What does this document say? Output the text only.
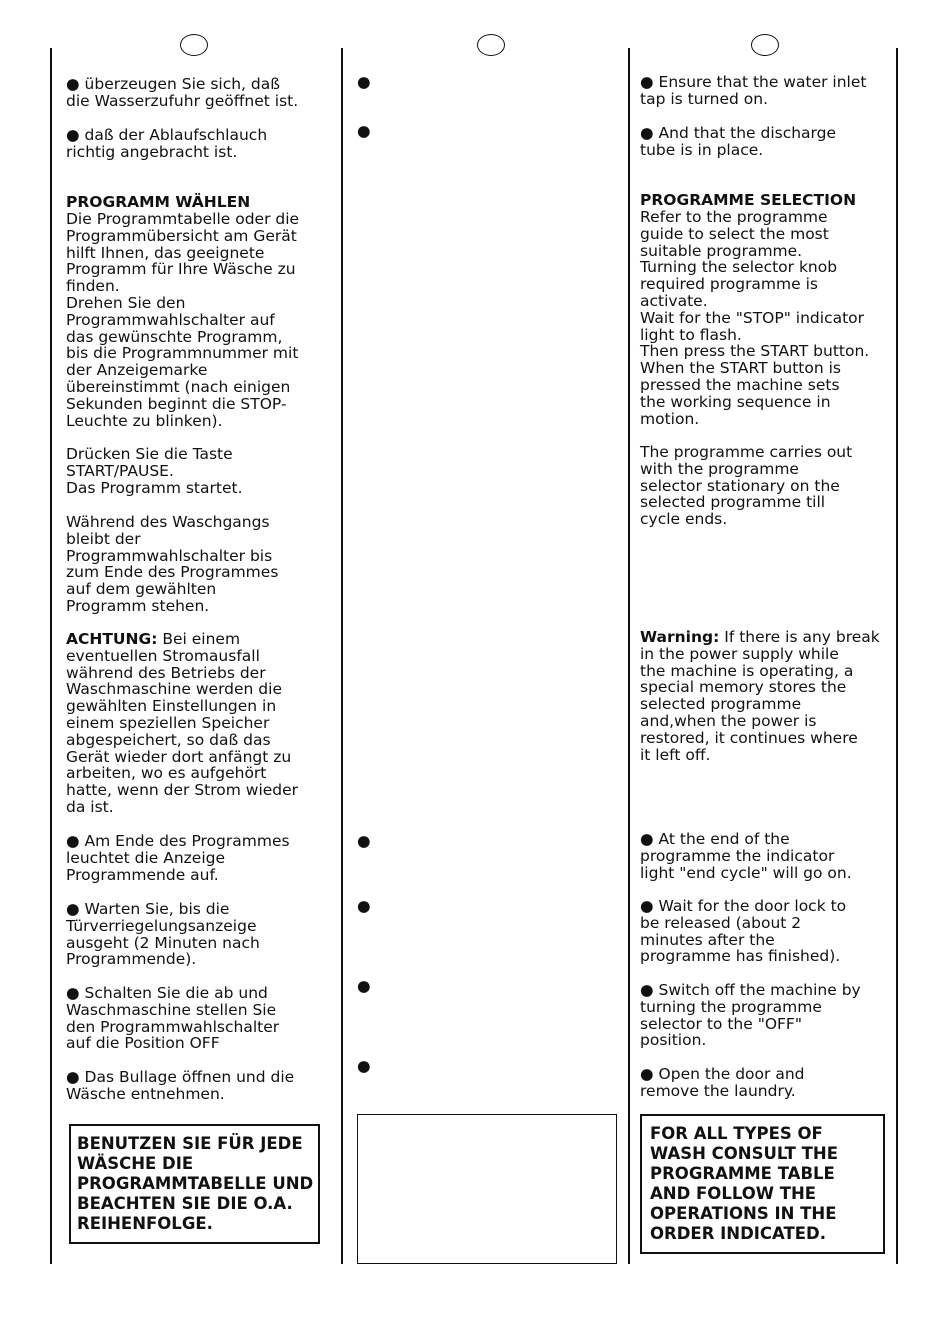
● überzeugen Sie sich, daß
die Wasserzufuhr geöffnet ist.
● daß der Ablaufschlauch
richtig angebracht ist.
PROGRAMM WÄHLEN
Die Programmtabelle oder die
Programmübersicht am Gerät
hilft Ihnen, das geeignete
Programm für Ihre Wäsche zu
finden.
Drehen Sie den
Programmwahlschalter auf
das gewünschte Programm,
bis die Programmnummer mit
der Anzeigemarke
übereinstimmt (nach einigen
Sekunden beginnt die STOP-
Leuchte zu blinken).
Drücken Sie die Taste
START/PAUSE.
Das Programm startet.
Während des Waschgangs
bleibt der
Programmwahlschalter bis
zum Ende des Programmes
auf dem gewählten
Programm stehen.
ACHTUNG: Bei einem
eventuellen Stromausfall
während des Betriebs der
Waschmaschine werden die
gewählten Einstellungen in
einem speziellen Speicher
abgespeichert, so daß das
Gerät wieder dort anfängt zu
arbeiten, wo es aufgehört
hatte, wenn der Strom wieder
da ist.
● Am Ende des Programmes
leuchtet die Anzeige
Programmende auf.
● Warten Sie, bis die
Türverriegelungsanzeige
ausgeht (2 Minuten nach
Programmende).
● Schalten Sie die ab und
Waschmaschine stellen Sie
den Programmwahlschalter
auf die Position OFF
● Das Bullage öffnen und die
Wäsche entnehmen.
BENUTZEN SIE FÜR JEDE
WÄSCHE DIE
PROGRAMMTABELLE UND
BEACHTEN SIE DIE O.A.
REIHENFOLGE.
●
●
●
●
●
●
● Ensure that the water inlet
tap is turned on.
● And that the discharge
tube is in place.
PROGRAMME SELECTION
Refer to the programme
guide to select the most
suitable programme.
Turning the selector knob
required programme is
activate.
Wait for the "STOP" indicator
light to flash.
Then press the START button.
When the START button is
pressed the machine sets
the working sequence in
motion.
The programme carries out
with the programme
selector stationary on the
selected programme till
cycle ends.
Warning: If there is any break
in the power supply while
the machine is operating, a
special memory stores the
selected programme
and,when the power is
restored, it continues where
it left off.
● At the end of the
programme the indicator
light "end cycle" will go on.
● Wait for the door lock to
be released (about 2
minutes after the
programme has finished).
● Switch off the machine by
turning the programme
selector to the "OFF"
position.
● Open the door and
remove the laundry.
FOR ALL TYPES OF
WASH CONSULT THE
PROGRAMME TABLE
AND FOLLOW THE
OPERATIONS IN THE
ORDER INDICATED.
